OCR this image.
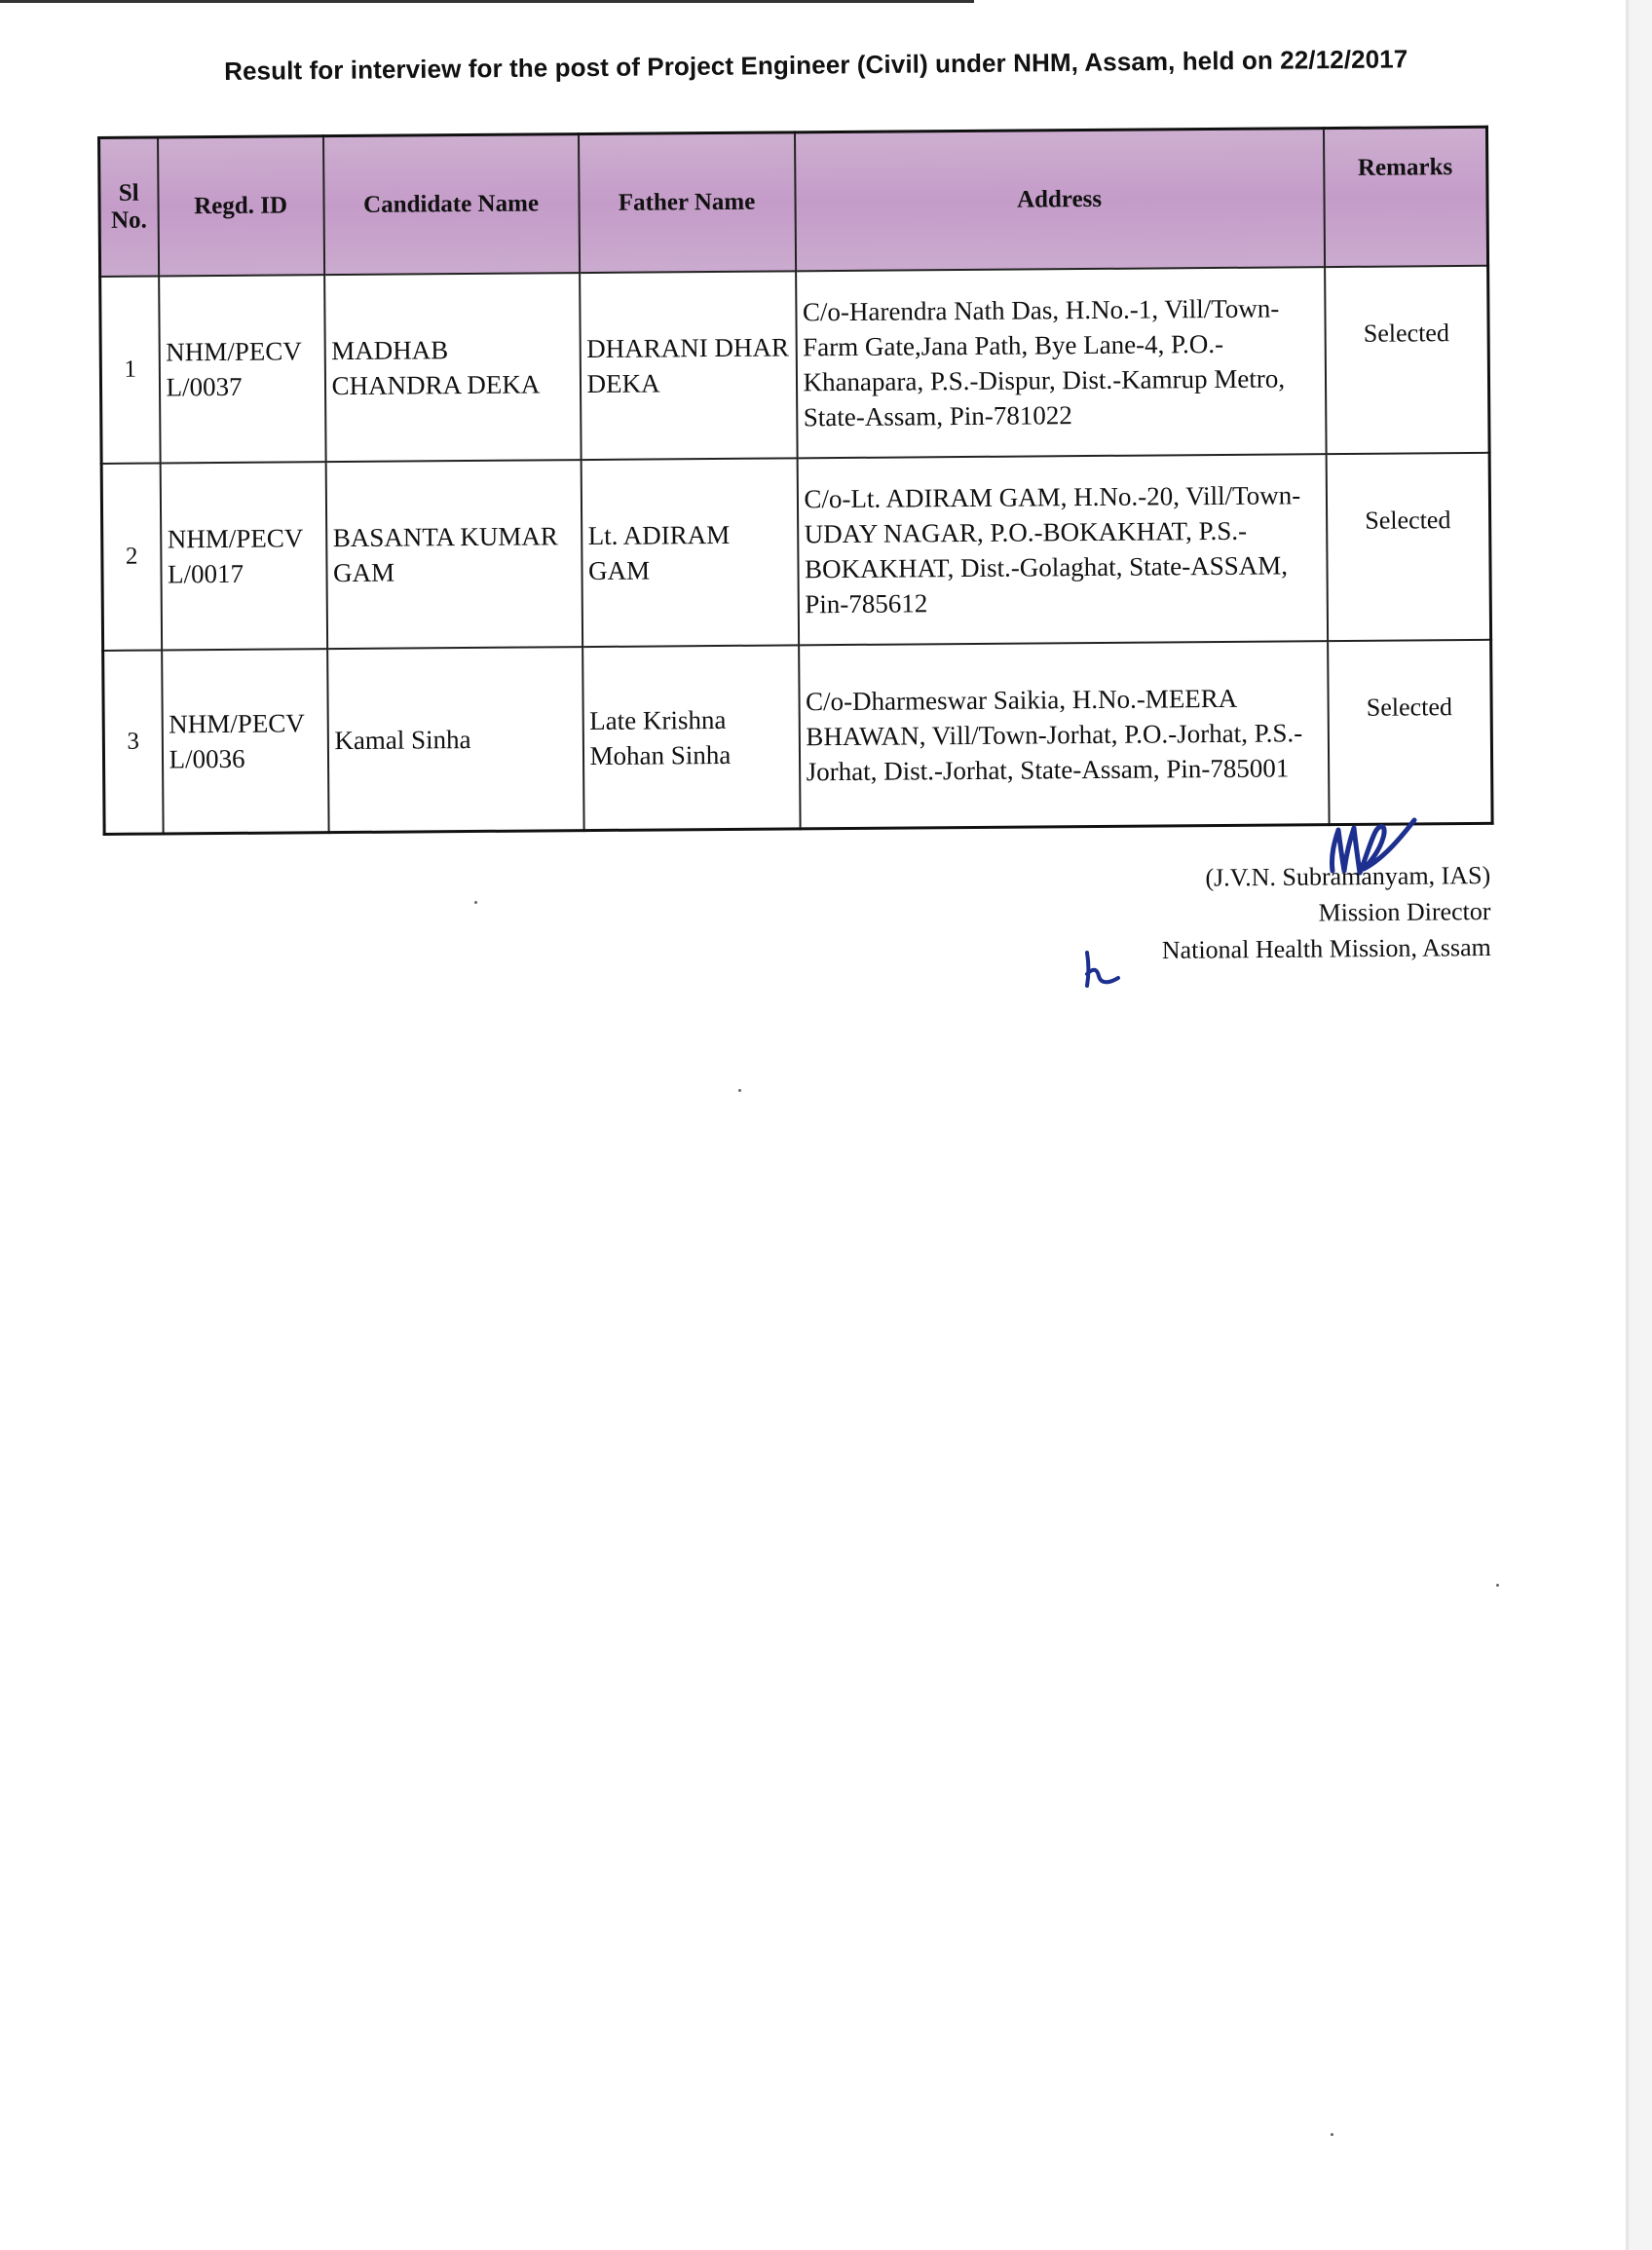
Result for interview for the post of Project Engineer (Civil) under NHM, Assam, held on 22/12/2017
Sl No.	Regd. ID	Candidate Name	Father Name	Address	Remarks
1	NHM/PECV L/0037	MADHAB CHANDRA DEKA	DHARANI DHAR DEKA	C/o-Harendra Nath Das, H.No.-1, Vill/Town-Farm Gate,Jana Path, Bye Lane-4, P.O.-Khanapara, P.S.-Dispur, Dist.-Kamrup Metro, State-Assam, Pin-781022	Selected
2	NHM/PECV L/0017	BASANTA KUMAR GAM	Lt. ADIRAM GAM	C/o-Lt. ADIRAM GAM, H.No.-20, Vill/Town-UDAY NAGAR, P.O.-BOKAKHAT, P.S.-BOKAKHAT, Dist.-Golaghat, State-ASSAM, Pin-785612	Selected
3	NHM/PECV L/0036	Kamal Sinha	Late Krishna Mohan Sinha	C/o-Dharmeswar Saikia, H.No.-MEERA BHAWAN, Vill/Town-Jorhat, P.O.-Jorhat, P.S.-Jorhat, Dist.-Jorhat, State-Assam, Pin-785001	Selected
(J.V.N. Subramanyam, IAS)
Mission Director
National Health Mission, Assam
